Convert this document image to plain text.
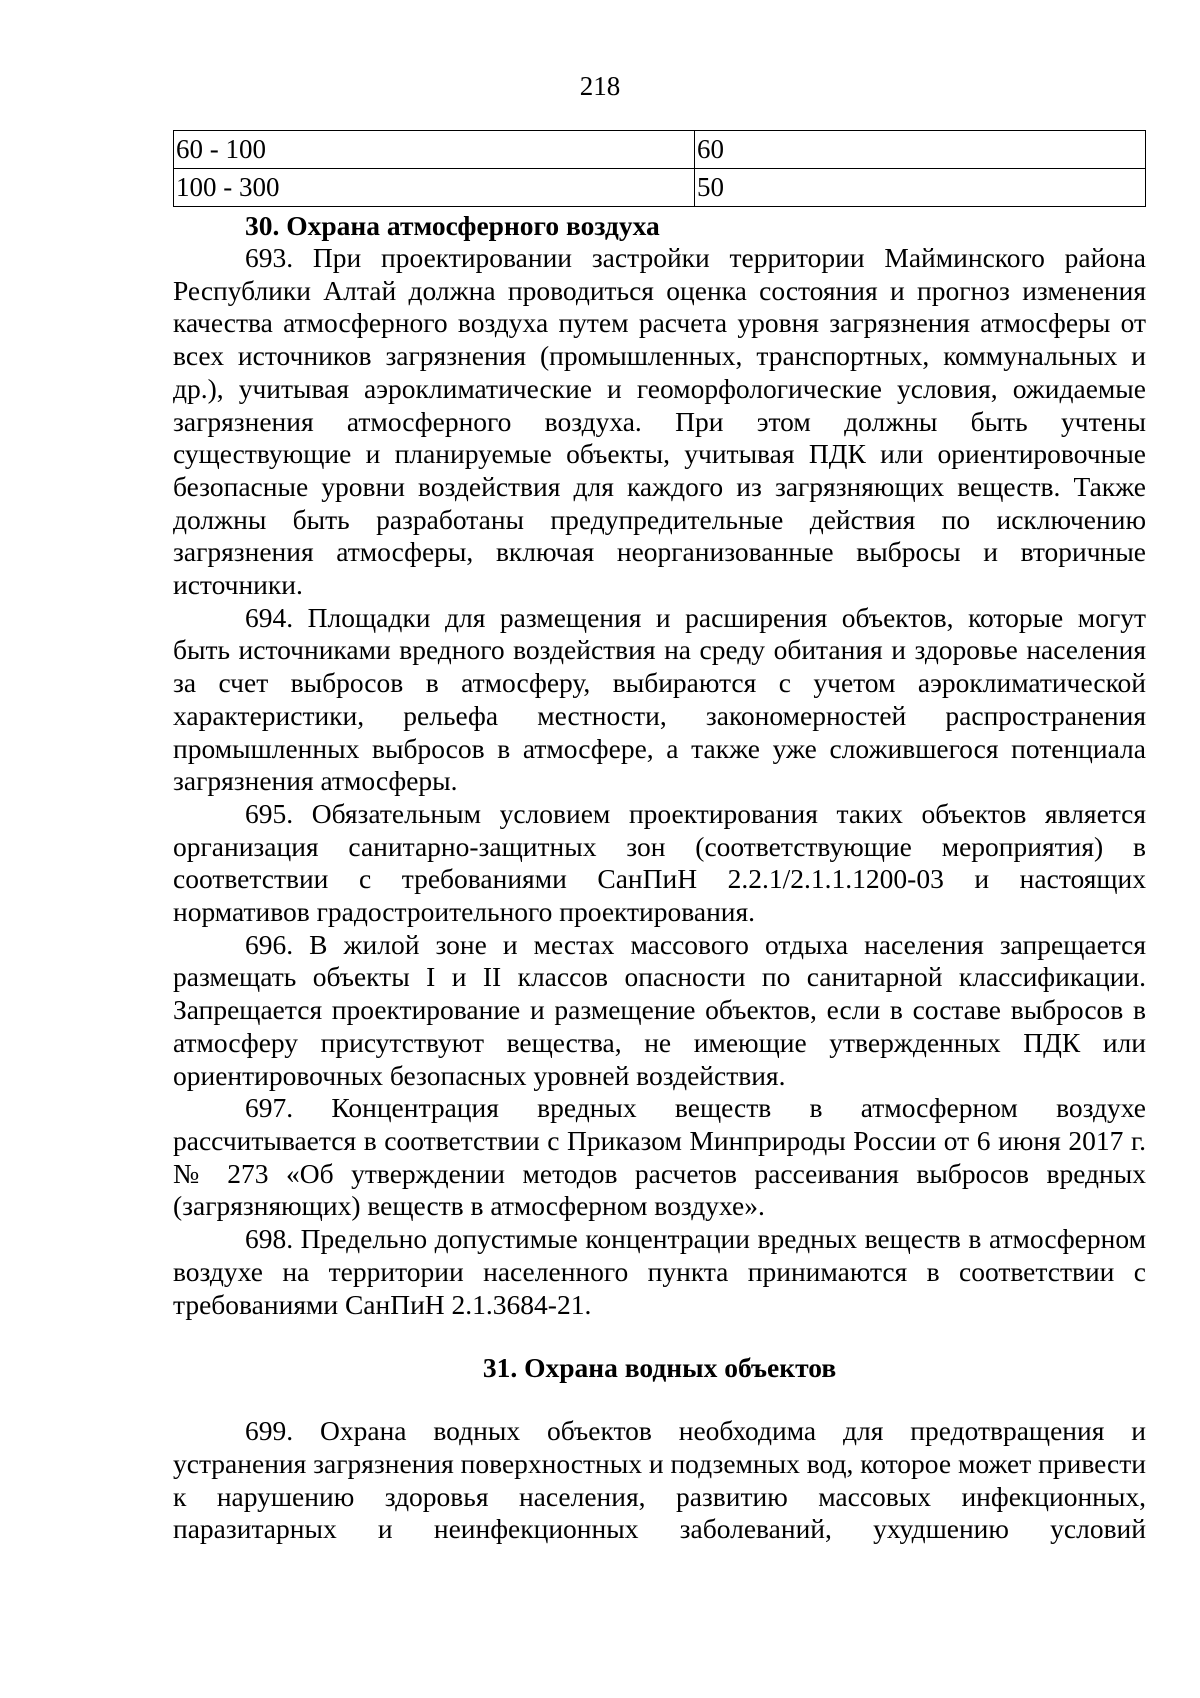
218
60 - 100	60
100 - 300	50
30. Охрана атмосферного воздуха

693. При проектировании застройки территории Майминского района Республики Алтай должна проводиться оценка состояния и прогноз изменения качества атмосферного воздуха путем расчета уровня загрязнения атмосферы от всех источников загрязнения (промышленных, транспортных, коммунальных и др.), учитывая аэроклиматические и геоморфологические условия, ожидаемые загрязнения атмосферного воздуха. При этом должны быть учтены существующие и планируемые объекты, учитывая ПДК или ориентировочные безопасные уровни воздействия для каждого из загрязняющих веществ. Также должны быть разработаны предупредительные действия по исключению загрязнения атмосферы, включая неорганизованные выбросы и вторичные источники.

694. Площадки для размещения и расширения объектов, которые могут быть источниками вредного воздействия на среду обитания и здоровье населения за счет выбросов в атмосферу, выбираются с учетом аэроклиматической характеристики, рельефа местности, закономерностей распространения промышленных выбросов в атмосфере, а также уже сложившегося потенциала загрязнения атмосферы.

695. Обязательным условием проектирования таких объектов является организация санитарно-защитных зон (соответствующие мероприятия) в соответствии с требованиями СанПиН 2.2.1/2.1.1.1200-03 и настоящих нормативов градостроительного проектирования.

696. В жилой зоне и местах массового отдыха населения запрещается размещать объекты I и II классов опасности по санитарной классификации. Запрещается проектирование и размещение объектов, если в составе выбросов в атмосферу присутствуют вещества, не имеющие утвержденных ПДК или ориентировочных безопасных уровней воздействия.

697. Концентрация вредных веществ в атмосферном воздухе рассчитывается в соответствии с Приказом Минприроды России от 6 июня 2017 г. № 273 «Об утверждении методов расчетов рассеивания выбросов вредных (загрязняющих) веществ в атмосферном воздухе».

698. Предельно допустимые концентрации вредных веществ в атмосферном воздухе на территории населенного пункта принимаются в соответствии с требованиями СанПиН 2.1.3684-21.

31. Охрана водных объектов

699. Охрана водных объектов необходима для предотвращения и устранения загрязнения поверхностных и подземных вод, которое может привести к нарушению здоровья населения, развитию массовых инфекционных, паразитарных и неинфекционных заболеваний, ухудшению условий
